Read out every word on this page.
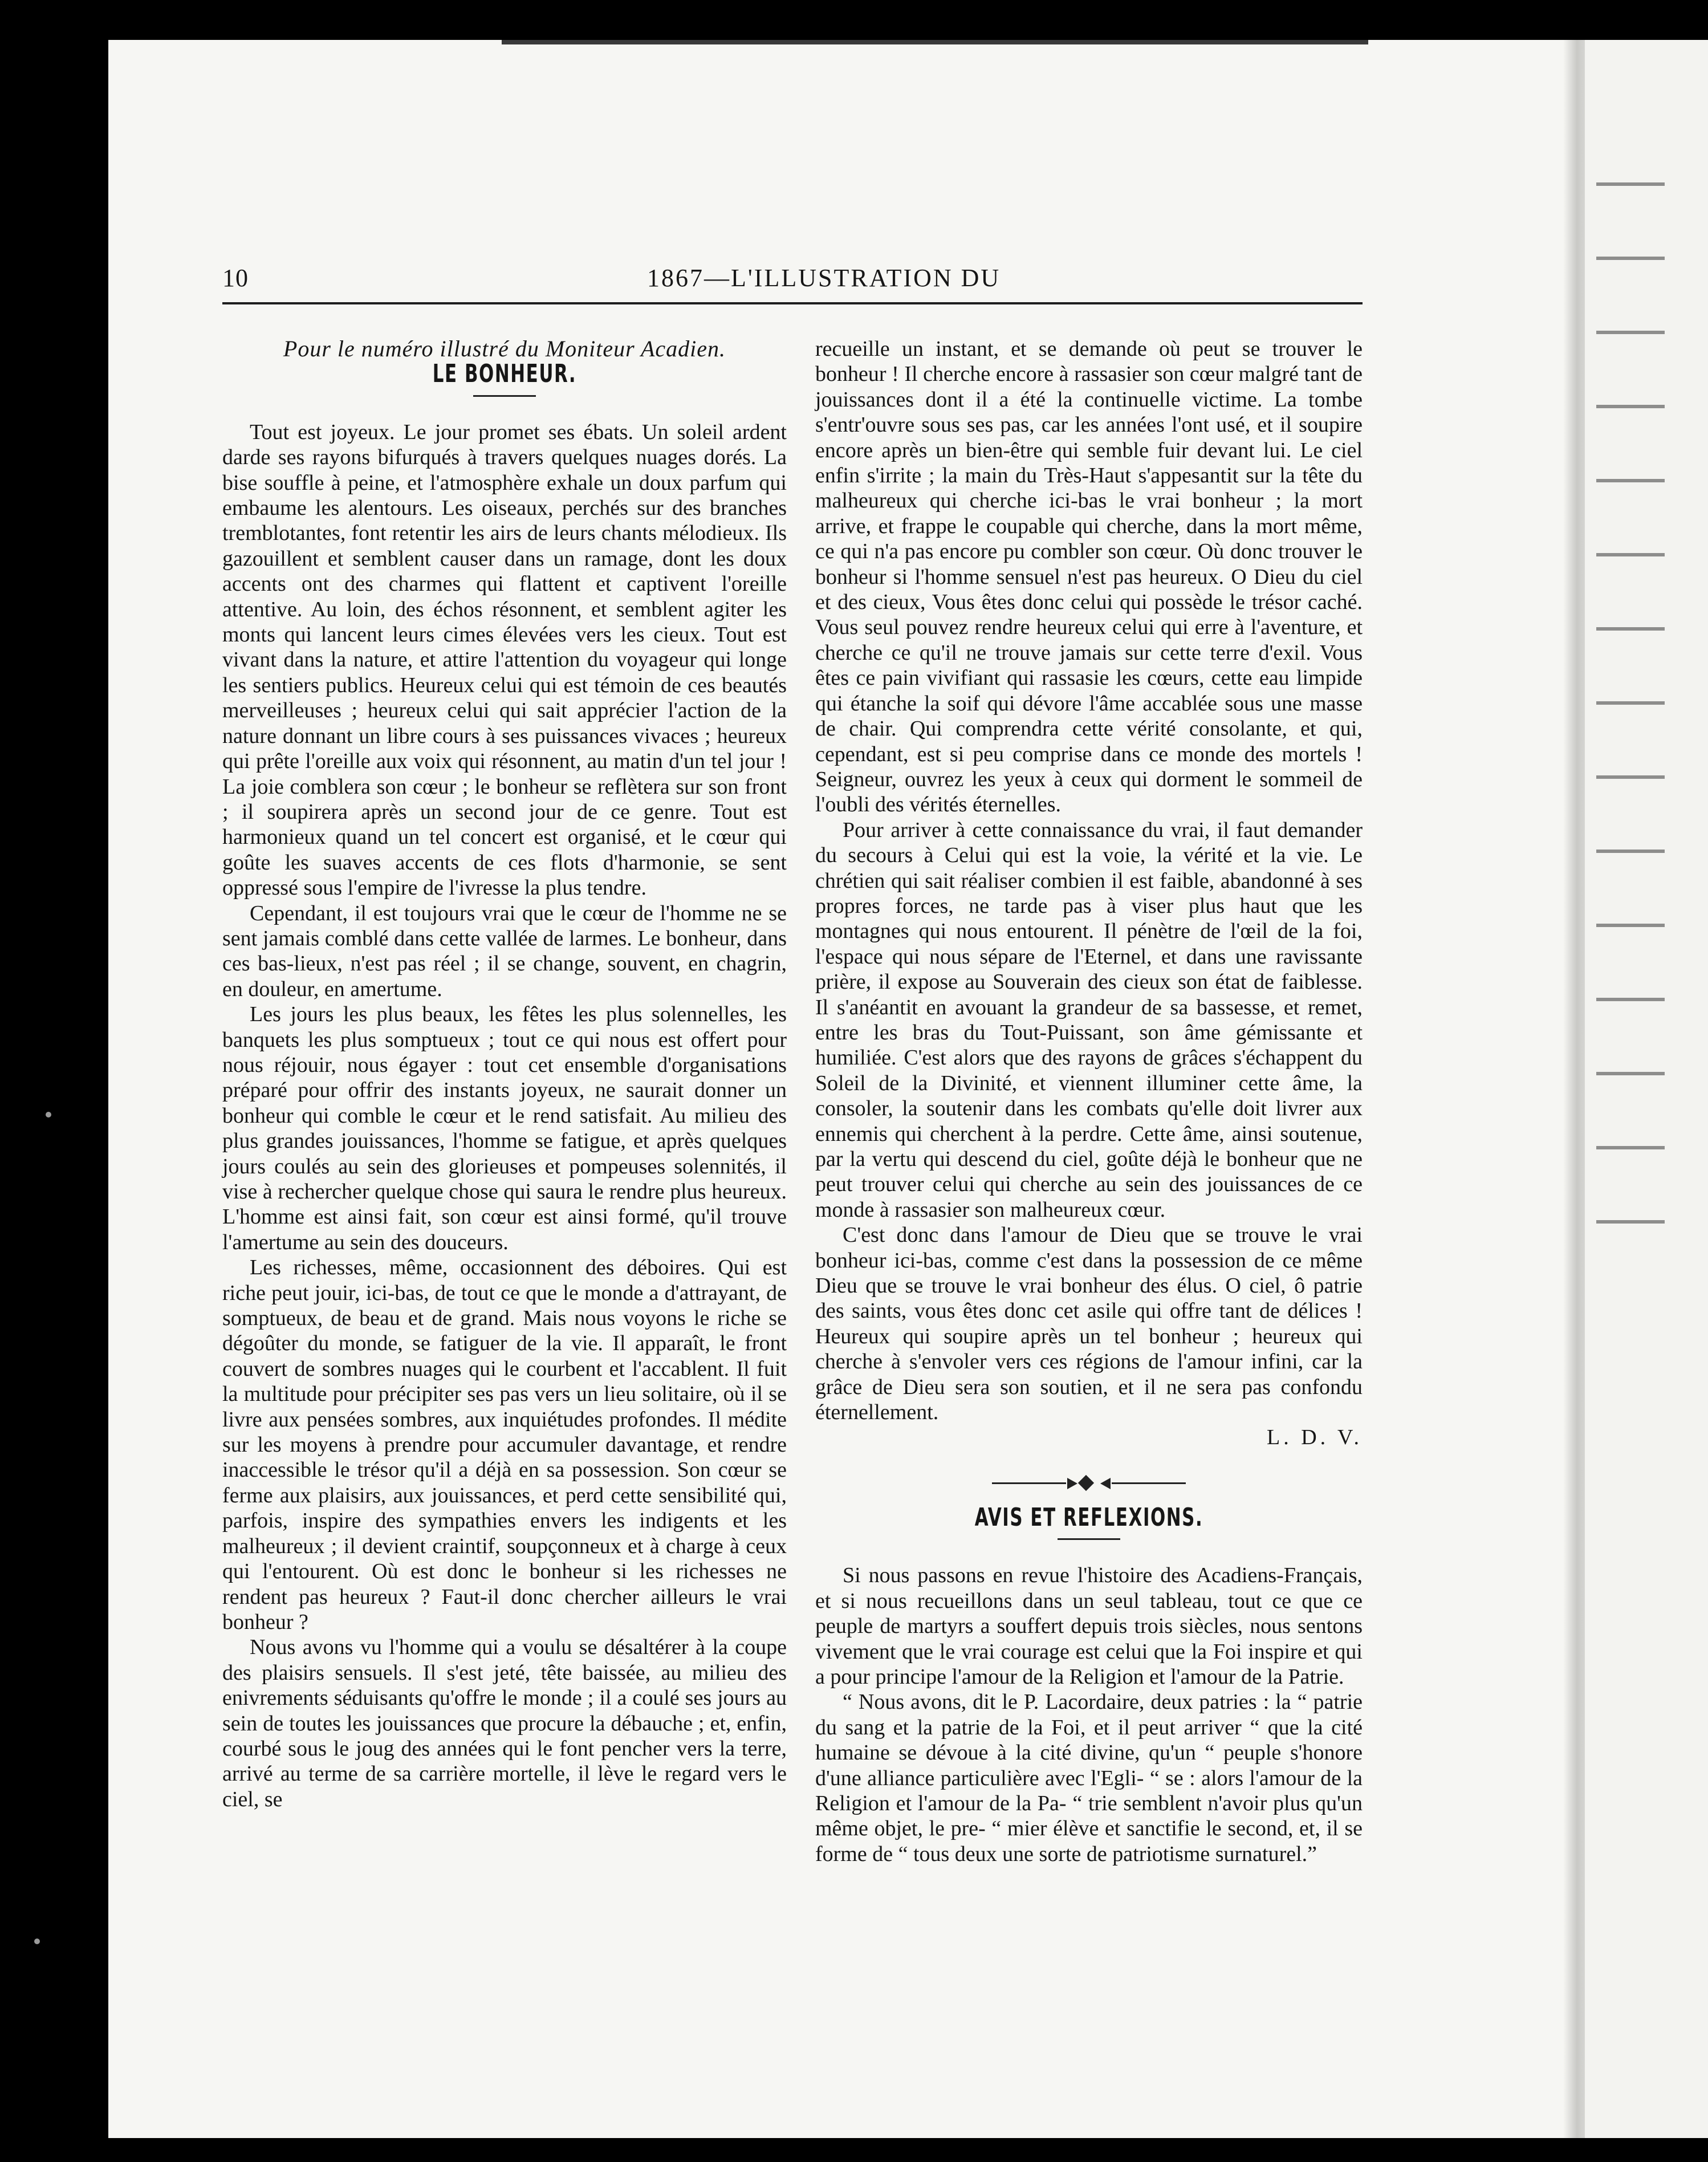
10	1867—L'ILLUSTRATION DU

Pour le numéro illustré du Moniteur Acadien.

LE BONHEUR.

Tout est joyeux. Le jour promet ses ébats. Un soleil ardent darde ses rayons bifurqués à travers quelques nuages dorés. La bise souffle à peine, et l'atmosphère exhale un doux parfum qui embaume les alentours. Les oiseaux, perchés sur des branches tremblotantes, font retentir les airs de leurs chants mélodieux. Ils gazouillent et semblent causer dans un ramage, dont les doux accents ont des charmes qui flattent et captivent l'oreille attentive. Au loin, des échos résonnent, et semblent agiter les monts qui lancent leurs cimes élevées vers les cieux. Tout est vivant dans la nature, et attire l'attention du voyageur qui longe les sentiers publics. Heureux celui qui est témoin de ces beautés merveilleuses ; heureux celui qui sait apprécier l'action de la nature donnant un libre cours à ses puissances vivaces ; heureux qui prête l'oreille aux voix qui résonnent, au matin d'un tel jour ! La joie comblera son cœur ; le bonheur se reflètera sur son front ; il soupirera après un second jour de ce genre. Tout est harmonieux quand un tel concert est organisé, et le cœur qui goûte les suaves accents de ces flots d'harmonie, se sent oppressé sous l'empire de l'ivresse la plus tendre.

Cependant, il est toujours vrai que le cœur de l'homme ne se sent jamais comblé dans cette vallée de larmes. Le bonheur, dans ces bas-lieux, n'est pas réel ; il se change, souvent, en chagrin, en douleur, en amertume.

Les jours les plus beaux, les fêtes les plus solennelles, les banquets les plus somptueux ; tout ce qui nous est offert pour nous réjouir, nous égayer : tout cet ensemble d'organisations préparé pour offrir des instants joyeux, ne saurait donner un bonheur qui comble le cœur et le rend satisfait. Au milieu des plus grandes jouissances, l'homme se fatigue, et après quelques jours coulés au sein des glorieuses et pompeuses solennités, il vise à rechercher quelque chose qui saura le rendre plus heureux. L'homme est ainsi fait, son cœur est ainsi formé, qu'il trouve l'amertume au sein des douceurs.

Les richesses, même, occasionnent des déboires. Qui est riche peut jouir, ici-bas, de tout ce que le monde a d'attrayant, de somptueux, de beau et de grand. Mais nous voyons le riche se dégoûter du monde, se fatiguer de la vie. Il apparaît, le front couvert de sombres nuages qui le courbent et l'accablent. Il fuit la multitude pour précipiter ses pas vers un lieu solitaire, où il se livre aux pensées sombres, aux inquiétudes profondes. Il médite sur les moyens à prendre pour accumuler davantage, et rendre inaccessible le trésor qu'il a déjà en sa possession. Son cœur se ferme aux plaisirs, aux jouissances, et perd cette sensibilité qui, parfois, inspire des sympathies envers les indigents et les malheureux ; il devient craintif, soupçonneux et à charge à ceux qui l'entourent. Où est donc le bonheur si les richesses ne rendent pas heureux ? Faut-il donc chercher ailleurs le vrai bonheur ?

Nous avons vu l'homme qui a voulu se désaltérer à la coupe des plaisirs sensuels. Il s'est jeté, tête baissée, au milieu des enivrements séduisants qu'offre le monde ; il a coulé ses jours au sein de toutes les jouissances que procure la débauche ; et, enfin, courbé sous le joug des années qui le font pencher vers la terre, arrivé au terme de sa carrière mortelle, il lève le regard vers le ciel, se

recueille un instant, et se demande où peut se trouver le bonheur ! Il cherche encore à rassasier son cœur malgré tant de jouissances dont il a été la continuelle victime. La tombe s'entr'ouvre sous ses pas, car les années l'ont usé, et il soupire encore après un bien-être qui semble fuir devant lui. Le ciel enfin s'irrite ; la main du Très-Haut s'appesantit sur la tête du malheureux qui cherche ici-bas le vrai bonheur ; la mort arrive, et frappe le coupable qui cherche, dans la mort même, ce qui n'a pas encore pu combler son cœur. Où donc trouver le bonheur si l'homme sensuel n'est pas heureux. O Dieu du ciel et des cieux, Vous êtes donc celui qui possède le trésor caché. Vous seul pouvez rendre heureux celui qui erre à l'aventure, et cherche ce qu'il ne trouve jamais sur cette terre d'exil. Vous êtes ce pain vivifiant qui rassasie les cœurs, cette eau limpide qui étanche la soif qui dévore l'âme accablée sous une masse de chair. Qui comprendra cette vérité consolante, et qui, cependant, est si peu comprise dans ce monde des mortels ! Seigneur, ouvrez les yeux à ceux qui dorment le sommeil de l'oubli des vérités éternelles.

Pour arriver à cette connaissance du vrai, il faut demander du secours à Celui qui est la voie, la vérité et la vie. Le chrétien qui sait réaliser combien il est faible, abandonné à ses propres forces, ne tarde pas à viser plus haut que les montagnes qui nous entourent. Il pénètre de l'œil de la foi, l'espace qui nous sépare de l'Eternel, et dans une ravissante prière, il expose au Souverain des cieux son état de faiblesse. Il s'anéantit en avouant la grandeur de sa bassesse, et remet, entre les bras du Tout-Puissant, son âme gémissante et humiliée. C'est alors que des rayons de grâces s'échappent du Soleil de la Divinité, et viennent illuminer cette âme, la consoler, la soutenir dans les combats qu'elle doit livrer aux ennemis qui cherchent à la perdre. Cette âme, ainsi soutenue, par la vertu qui descend du ciel, goûte déjà le bonheur que ne peut trouver celui qui cherche au sein des jouissances de ce monde à rassasier son malheureux cœur.

C'est donc dans l'amour de Dieu que se trouve le vrai bonheur ici-bas, comme c'est dans la possession de ce même Dieu que se trouve le vrai bonheur des élus. O ciel, ô patrie des saints, vous êtes donc cet asile qui offre tant de délices ! Heureux qui soupire après un tel bonheur ; heureux qui cherche à s'envoler vers ces régions de l'amour infini, car la grâce de Dieu sera son soutien, et il ne sera pas confondu éternellement.

L. D. V.

AVIS ET REFLEXIONS.

Si nous passons en revue l'histoire des Acadiens-Français, et si nous recueillons dans un seul tableau, tout ce que ce peuple de martyrs a souffert depuis trois siècles, nous sentons vivement que le vrai courage est celui que la Foi inspire et qui a pour principe l'amour de la Religion et l'amour de la Patrie.

“ Nous avons, dit le P. Lacordaire, deux patries : la “ patrie du sang et la patrie de la Foi, et il peut arriver “ que la cité humaine se dévoue à la cité divine, qu'un “ peuple s'honore d'une alliance particulière avec l'Egli- “ se : alors l'amour de la Religion et l'amour de la Pa- “ trie semblent n'avoir plus qu'un même objet, le pre- “ mier élève et sanctifie le second, et, il se forme de “ tous deux une sorte de patriotisme surnaturel.”
